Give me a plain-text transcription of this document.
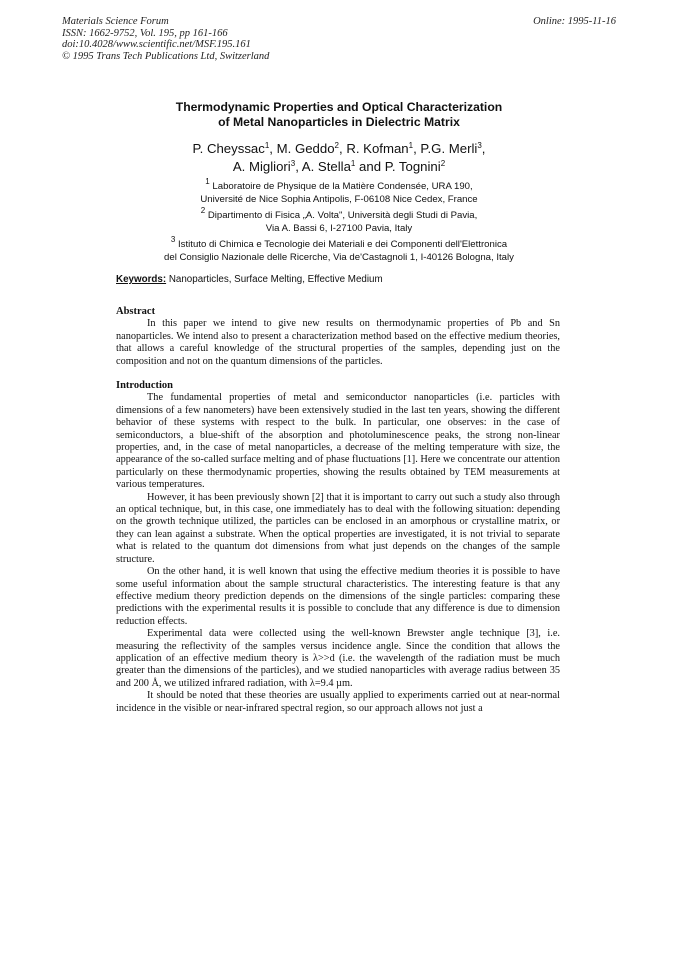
Materials Science Forum
ISSN: 1662-9752, Vol. 195, pp 161-166
doi:10.4028/www.scientific.net/MSF.195.161
© 1995 Trans Tech Publications Ltd, Switzerland
Online: 1995-11-16
Thermodynamic Properties and Optical Characterization
of Metal Nanoparticles in Dielectric Matrix
P. Cheyssac$^1$, M. Geddo$^2$, R. Kofman$^1$, P.G. Merli$^3$,
A. Migliori$^3$, A. Stella$^1$ and P. Tognini$^2$
$^1$ Laboratoire de Physique de la Matière Condensée, URA 190,
Université de Nice Sophia Antipolis, F-06108 Nice Cedex, France
$^2$ Dipartimento di Fisica „A. Volta", Università degli Studi di Pavia,
Via A. Bassi 6, I-27100 Pavia, Italy
$^3$ Istituto di Chimica e Tecnologie dei Materiali e dei Componenti dell'Elettronica
del Consiglio Nazionale delle Ricerche, Via de'Castagnoli 1, I-40126 Bologna, Italy
Keywords: Nanoparticles, Surface Melting, Effective Medium
Abstract

In this paper we intend to give new results on thermodynamic properties of Pb and Sn nanoparticles. We intend also to present a characterization method based on the effective medium theories, that allows a careful knowledge of the structural properties of the samples, depending just on the composition and not on the quantum dimensions of the particles.

Introduction

The fundamental properties of metal and semiconductor nanoparticles (i.e. particles with dimensions of a few nanometers) have been extensively studied in the last ten years, showing the different behavior of these systems with respect to the bulk. In particular, one observes: in the case of semiconductors, a blue-shift of the absorption and photoluminescence peaks, the strong non-linear properties, and, in the case of metal nanoparticles, a decrease of the melting temperature with size, the appearance of the so-called surface melting and of phase fluctuations [1]. Here we concentrate our attention particularly on these thermodynamic properties, showing the results obtained by TEM measurements at various temperatures.

However, it has been previously shown [2] that it is important to carry out such a study also through an optical technique, but, in this case, one immediately has to deal with the following situation: depending on the growth technique utilized, the particles can be enclosed in an amorphous or crystalline matrix, or they can lean against a substrate. When the optical properties are investigated, it is not trivial to separate what is related to the quantum dot dimensions from what just depends on the changes of the sample structure.

On the other hand, it is well known that using the effective medium theories it is possible to have some useful information about the sample structural characteristics. The interesting feature is that any effective medium theory prediction depends on the dimensions of the single particles: comparing these predictions with the experimental results it is possible to conclude that any difference is due to dimension reduction effects.

Experimental data were collected using the well-known Brewster angle technique [3], i.e. measuring the reflectivity of the samples versus incidence angle. Since the condition that allows the application of an effective medium theory is λ>>d (i.e. the wavelength of the radiation must be much greater than the dimensions of the particles), and we studied nanoparticles with average radius between 35 and 200 Å, we utilized infrared radiation, with λ=9.4 µm.

It should be noted that these theories are usually applied to experiments carried out at near-normal incidence in the visible or near-infrared spectral region, so our approach allows not just a
